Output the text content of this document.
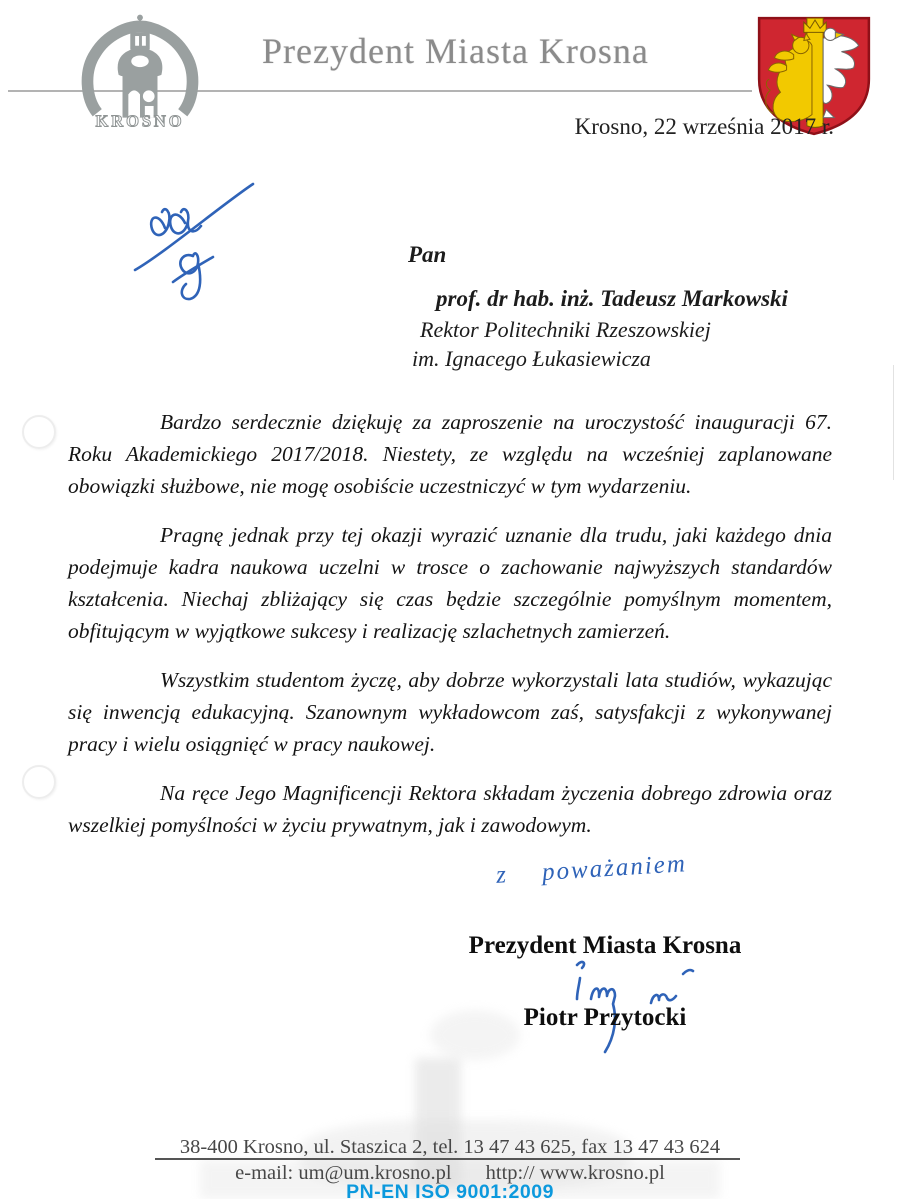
KROSNO
Prezydent Miasta Krosna
Krosno, 22 września 2017 r.
Pan
prof. dr hab. inż. Tadeusz Markowski
Rektor Politechniki Rzeszowskiej
im. Ignacego Łukasiewicza

Bardzo serdecznie dziękuję za zaproszenie na uroczystość inauguracji 67. Roku Akademickiego 2017/2018. Niestety, ze względu na wcześniej zaplanowane obowiązki służbowe, nie mogę osobiście uczestniczyć w tym wydarzeniu.

Pragnę jednak przy tej okazji wyrazić uznanie dla trudu, jaki każdego dnia podejmuje kadra naukowa uczelni w trosce o zachowanie najwyższych standardów kształcenia. Niechaj zbliżający się czas będzie szczególnie pomyślnym momentem, obfitującym w wyjątkowe sukcesy i realizację szlachetnych zamierzeń.

Wszystkim studentom życzę, aby dobrze wykorzystali lata studiów, wykazując się inwencją edukacyjną. Szanownym wykładowcom zaś, satysfakcji z wykonywanej pracy i wielu osiągnięć w pracy naukowej.

Na ręce Jego Magnificencji Rektora składam życzenia dobrego zdrowia oraz wszelkiej pomyślności w życiu prywatnym, jak i zawodowym.

z poważaniem
Prezydent Miasta Krosna
Piotr Przytocki
38-400 Krosno, ul. Staszica 2, tel. 13 47 43 625, fax 13 47 43 624
e-mail: um@um.krosno.pl http:// www.krosno.pl
PN-EN ISO 9001:2009
